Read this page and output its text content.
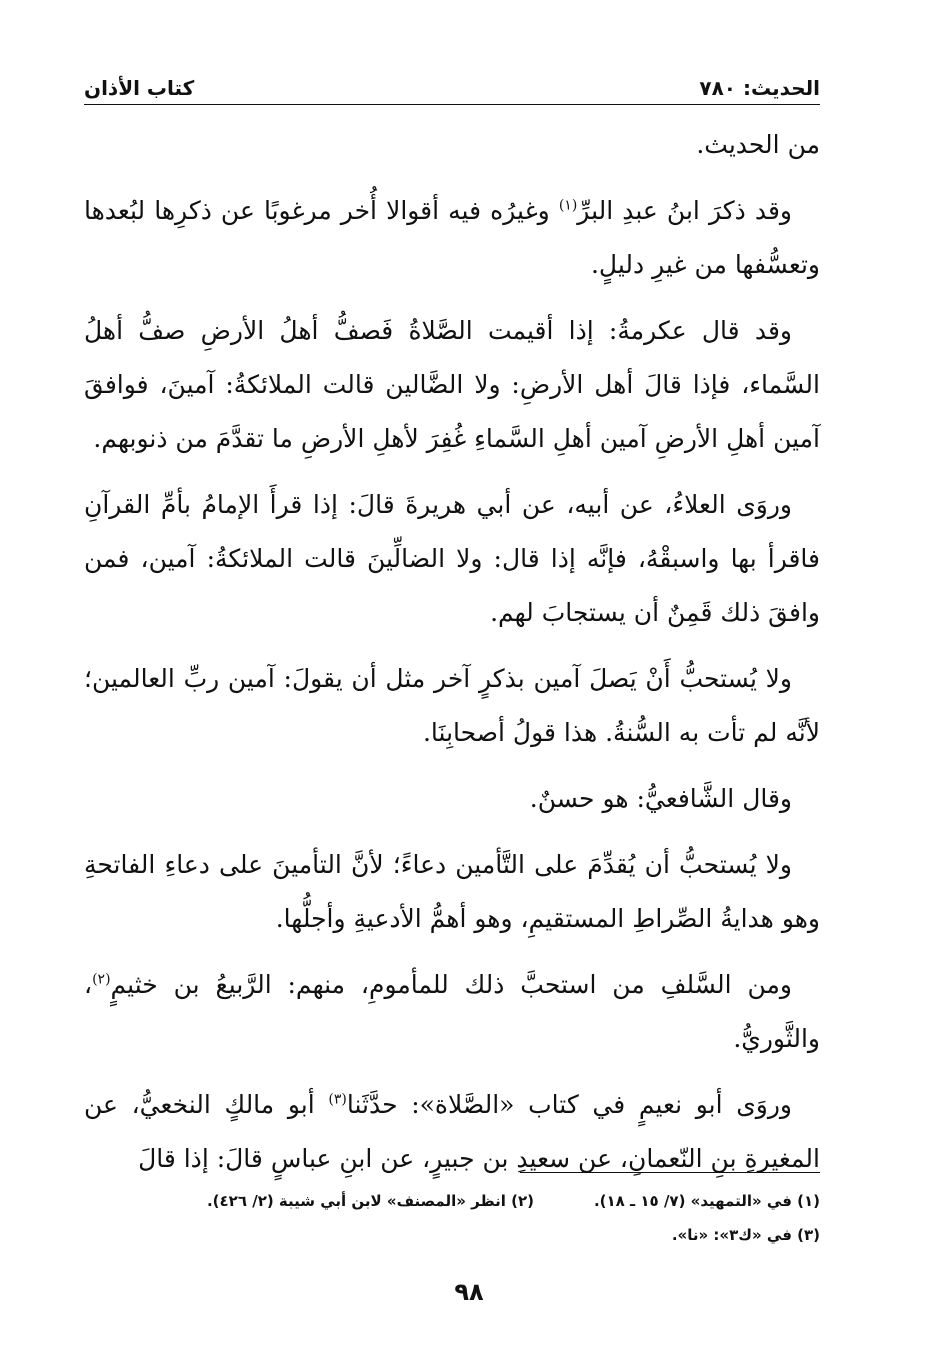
الحديث: ٧٨٠
كتاب الأذان

من الحديث.

وقد ذكرَ ابنُ عبدِ البرِّ$^{(١)}$ وغيرُه فيه أقوالا أُخر مرغوبًا عن ذكرِها لبُعدها وتعسُّفها من غيرِ دليلٍ.

وقد قال عكرمةُ: إذا أقيمت الصَّلاةُ فَصفُّ أهلُ الأرضِ صفُّ أهلُ السَّماء، فإذا قالَ أهل الأرضِ: ولا الضَّالين قالت الملائكةُ: آمينَ، فوافقَ آمين أهلِ الأرضِ آمين أهلِ السَّماءِ غُفِرَ لأهلِ الأرضِ ما تقدَّمَ من ذنوبهم.

وروَى العلاءُ، عن أبيه، عن أبي هريرةَ قالَ: إذا قرأَ الإمامُ بأمِّ القرآنِ فاقرأ بها واسبقْهُ، فإنَّه إذا قال: ولا الضالِّينَ قالت الملائكةُ: آمين، فمن وافقَ ذلك قَمِنٌ أن يستجابَ لهم.

ولا يُستحبُّ أَنْ يَصلَ آمين بذكرٍ آخر مثل أن يقولَ: آمين ربِّ العالمين؛ لأنَّه لم تأت به السُّنةُ. هذا قولُ أصحابِنَا.

وقال الشَّافعيُّ: هو حسنٌ.

ولا يُستحبُّ أن يُقدِّمَ على التَّأمين دعاءً؛ لأنَّ التأمينَ على دعاءِ الفاتحةِ وهو هدايةُ الصِّراطِ المستقيمِ، وهو أهمُّ الأدعيةِ وأجلُّها.

ومن السَّلفِ من استحبَّ ذلك للمأمومِ، منهم: الرَّبيعُ بن خثيمٍ$^{(٢)}$، والثَّوريُّ.

وروَى أبو نعيمٍ في كتاب «الصَّلاة»: حدَّثَنا$^{(٣)}$ أبو مالكٍ النخعيُّ، عن المغيرةِ بنِ النّعمانِ، عن سعيدِ بن جبيرٍ، عن ابنِ عباسٍ قالَ: إذا قالَ

(١) في «التمهيد» (٧/ ١٥ ـ ١٨).
(٢) انظر «المصنف» لابن أبي شيبة (٢/ ٤٢٦).
(٣) في «ك٣»: «نا».
٩٨
